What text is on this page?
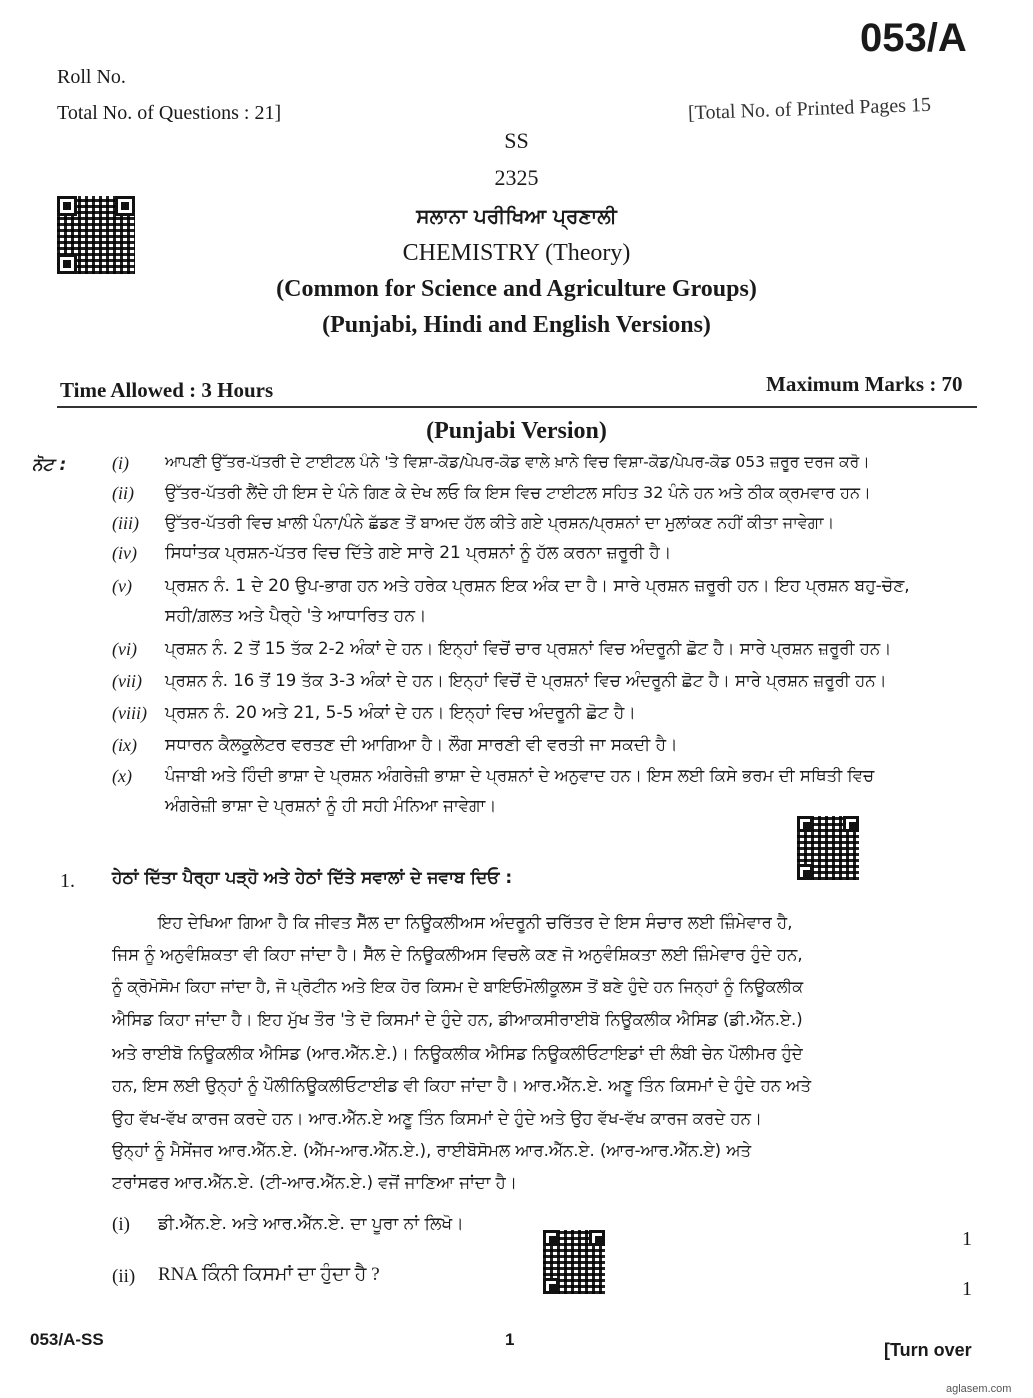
Roll No.
Total No. of Questions : 21]
053/A
[Total No. of Printed Pages 15
SS
2325
ਸਲਾਨਾ ਪਰੀਖਿਆ ਪ੍ਰਣਾਲੀ
CHEMISTRY (Theory)
(Common for Science and Agriculture Groups)
(Punjabi, Hindi and English Versions)
Time Allowed : 3 Hours	Maximum Marks : 70
(Punjabi Version)
ਨੋਟ :	(i) ਆਪਣੀ ਉੱਤਰ-ਪੱਤਰੀ ਦੇ ਟਾਈਟਲ ਪੰਨੇ 'ਤੇ ਵਿਸ਼ਾ-ਕੋਡ/ਪੇਪਰ-ਕੋਡ ਵਾਲੇ ਖ਼ਾਨੇ ਵਿਚ ਵਿਸ਼ਾ-ਕੋਡ/ਪੇਪਰ-ਕੋਡ 053 ਜ਼ਰੂਰ ਦਰਜ ਕਰੋ।
(ii) ਉੱਤਰ-ਪੱਤਰੀ ਲੈਂਦੇ ਹੀ ਇਸ ਦੇ ਪੰਨੇ ਗਿਣ ਕੇ ਦੇਖ ਲਓ ਕਿ ਇਸ ਵਿਚ ਟਾਈਟਲ ਸਹਿਤ 32 ਪੰਨੇ ਹਨ ਅਤੇ ਠੀਕ ਕ੍ਰਮਵਾਰ ਹਨ।
(iii) ਉੱਤਰ-ਪੱਤਰੀ ਵਿਚ ਖ਼ਾਲੀ ਪੰਨਾ/ਪੰਨੇ ਛੱਡਣ ਤੋਂ ਬਾਅਦ ਹੱਲ ਕੀਤੇ ਗਏ ਪ੍ਰਸ਼ਨ/ਪ੍ਰਸ਼ਨਾਂ ਦਾ ਮੁਲਾਂਕਣ ਨਹੀਂ ਕੀਤਾ ਜਾਵੇਗਾ।
(iv) ਸਿਧਾਂਤਕ ਪ੍ਰਸ਼ਨ-ਪੱਤਰ ਵਿਚ ਦਿੱਤੇ ਗਏ ਸਾਰੇ 21 ਪ੍ਰਸ਼ਨਾਂ ਨੂੰ ਹੱਲ ਕਰਨਾ ਜ਼ਰੂਰੀ ਹੈ।
(v) ਪ੍ਰਸ਼ਨ ਨੰ. 1 ਦੇ 20 ਉਪ-ਭਾਗ ਹਨ ਅਤੇ ਹਰੇਕ ਪ੍ਰਸ਼ਨ ਇਕ ਅੰਕ ਦਾ ਹੈ। ਸਾਰੇ ਪ੍ਰਸ਼ਨ ਜ਼ਰੂਰੀ ਹਨ। ਇਹ ਪ੍ਰਸ਼ਨ ਬਹੁ-ਚੋਣ,
ਸਹੀ/ਗ਼ਲਤ ਅਤੇ ਪੈਰ੍ਹੇ 'ਤੇ ਆਧਾਰਿਤ ਹਨ।
(vi) ਪ੍ਰਸ਼ਨ ਨੰ. 2 ਤੋਂ 15 ਤੱਕ 2-2 ਅੰਕਾਂ ਦੇ ਹਨ। ਇਨ੍ਹਾਂ ਵਿਚੋਂ ਚਾਰ ਪ੍ਰਸ਼ਨਾਂ ਵਿਚ ਅੰਦਰੂਨੀ ਛੋਟ ਹੈ। ਸਾਰੇ ਪ੍ਰਸ਼ਨ ਜ਼ਰੂਰੀ ਹਨ।
(vii) ਪ੍ਰਸ਼ਨ ਨੰ. 16 ਤੋਂ 19 ਤੱਕ 3-3 ਅੰਕਾਂ ਦੇ ਹਨ। ਇਨ੍ਹਾਂ ਵਿਚੋਂ ਦੋ ਪ੍ਰਸ਼ਨਾਂ ਵਿਚ ਅੰਦਰੂਨੀ ਛੋਟ ਹੈ। ਸਾਰੇ ਪ੍ਰਸ਼ਨ ਜ਼ਰੂਰੀ ਹਨ।
(viii) ਪ੍ਰਸ਼ਨ ਨੰ. 20 ਅਤੇ 21, 5-5 ਅੰਕਾਂ ਦੇ ਹਨ। ਇਨ੍ਹਾਂ ਵਿਚ ਅੰਦਰੂਨੀ ਛੋਟ ਹੈ।
(ix) ਸਧਾਰਨ ਕੈਲਕੂਲੇਟਰ ਵਰਤਣ ਦੀ ਆਗਿਆ ਹੈ। ਲੌਗ ਸਾਰਣੀ ਵੀ ਵਰਤੀ ਜਾ ਸਕਦੀ ਹੈ।
(x) ਪੰਜਾਬੀ ਅਤੇ ਹਿੰਦੀ ਭਾਸ਼ਾ ਦੇ ਪ੍ਰਸ਼ਨ ਅੰਗਰੇਜ਼ੀ ਭਾਸ਼ਾ ਦੇ ਪ੍ਰਸ਼ਨਾਂ ਦੇ ਅਨੁਵਾਦ ਹਨ। ਇਸ ਲਈ ਕਿਸੇ ਭਰਮ ਦੀ ਸਥਿਤੀ ਵਿਚ
ਅੰਗਰੇਜ਼ੀ ਭਾਸ਼ਾ ਦੇ ਪ੍ਰਸ਼ਨਾਂ ਨੂੰ ਹੀ ਸਹੀ ਮੰਨਿਆ ਜਾਵੇਗਾ।
1. ਹੇਠਾਂ ਦਿੱਤਾ ਪੈਰ੍ਹਾ ਪੜ੍ਹੋ ਅਤੇ ਹੇਠਾਂ ਦਿੱਤੇ ਸਵਾਲਾਂ ਦੇ ਜਵਾਬ ਦਿਓ :
ਇਹ ਦੇਖਿਆ ਗਿਆ ਹੈ ਕਿ ਜੀਵਤ ਸੈੱਲ ਦਾ ਨਿਊਕਲੀਅਸ ਅੰਦਰੂਨੀ ਚਰਿੱਤਰ ਦੇ ਇਸ ਸੰਚਾਰ ਲਈ ਜ਼ਿੰਮੇਵਾਰ ਹੈ,
ਜਿਸ ਨੂੰ ਅਨੁਵੰਸ਼ਿਕਤਾ ਵੀ ਕਿਹਾ ਜਾਂਦਾ ਹੈ। ਸੈੱਲ ਦੇ ਨਿਊਕਲੀਅਸ ਵਿਚਲੇ ਕਣ ਜੋ ਅਨੁਵੰਸ਼ਿਕਤਾ ਲਈ ਜ਼ਿੰਮੇਵਾਰ ਹੁੰਦੇ ਹਨ,
ਨੂੰ ਕ੍ਰੋਮੋਸੋਮ ਕਿਹਾ ਜਾਂਦਾ ਹੈ, ਜੋ ਪ੍ਰੋਟੀਨ ਅਤੇ ਇਕ ਹੋਰ ਕਿਸਮ ਦੇ ਬਾਇਓਮੋਲੀਕੂਲਸ ਤੋਂ ਬਣੇ ਹੁੰਦੇ ਹਨ ਜਿਨ੍ਹਾਂ ਨੂੰ ਨਿਊਕਲੀਕ
ਐਸਿਡ ਕਿਹਾ ਜਾਂਦਾ ਹੈ। ਇਹ ਮੁੱਖ ਤੌਰ 'ਤੇ ਦੋ ਕਿਸਮਾਂ ਦੇ ਹੁੰਦੇ ਹਨ, ਡੀਆਕਸੀਰਾਈਬੋ ਨਿਊਕਲੀਕ ਐਸਿਡ (ਡੀ.ਐੱਨ.ਏ.)
ਅਤੇ ਰਾਈਬੋ ਨਿਊਕਲੀਕ ਐਸਿਡ (ਆਰ.ਐੱਨ.ਏ.)। ਨਿਊਕਲੀਕ ਐਸਿਡ ਨਿਊਕਲੀਓਟਾਇਡਾਂ ਦੀ ਲੰਬੀ ਚੇਨ ਪੌਲੀਮਰ ਹੁੰਦੇ
ਹਨ, ਇਸ ਲਈ ਉਨ੍ਹਾਂ ਨੂੰ ਪੌਲੀਨਿਊਕਲੀਓਟਾਈਡ ਵੀ ਕਿਹਾ ਜਾਂਦਾ ਹੈ। ਆਰ.ਐੱਨ.ਏ. ਅਣੂ ਤਿੰਨ ਕਿਸਮਾਂ ਦੇ ਹੁੰਦੇ ਹਨ ਅਤੇ
ਉਹ ਵੱਖ-ਵੱਖ ਕਾਰਜ ਕਰਦੇ ਹਨ। ਆਰ.ਐੱਨ.ਏ ਅਣੂ ਤਿੰਨ ਕਿਸਮਾਂ ਦੇ ਹੁੰਦੇ ਅਤੇ ਉਹ ਵੱਖ-ਵੱਖ ਕਾਰਜ ਕਰਦੇ ਹਨ।
ਉਨ੍ਹਾਂ ਨੂੰ ਮੈਸੇਂਜਰ ਆਰ.ਐੱਨ.ਏ. (ਐੱਮ-ਆਰ.ਐੱਨ.ਏ.), ਰਾਈਬੋਸੋਮਲ ਆਰ.ਐੱਨ.ਏ. (ਆਰ-ਆਰ.ਐੱਨ.ਏ) ਅਤੇ
ਟਰਾਂਸਫਰ ਆਰ.ਐੱਨ.ਏ. (ਟੀ-ਆਰ.ਐੱਨ.ਏ.) ਵਜੋਂ ਜਾਣਿਆ ਜਾਂਦਾ ਹੈ।
(i) ਡੀ.ਐੱਨ.ਏ. ਅਤੇ ਆਰ.ਐੱਨ.ਏ. ਦਾ ਪੂਰਾ ਨਾਂ ਲਿਖੋ।
1
(ii) RNA ਕਿੰਨੀ ਕਿਸਮਾਂ ਦਾ ਹੁੰਦਾ ਹੈ ?
1
053/A-SS	1
[Turn over
aglasem.com
